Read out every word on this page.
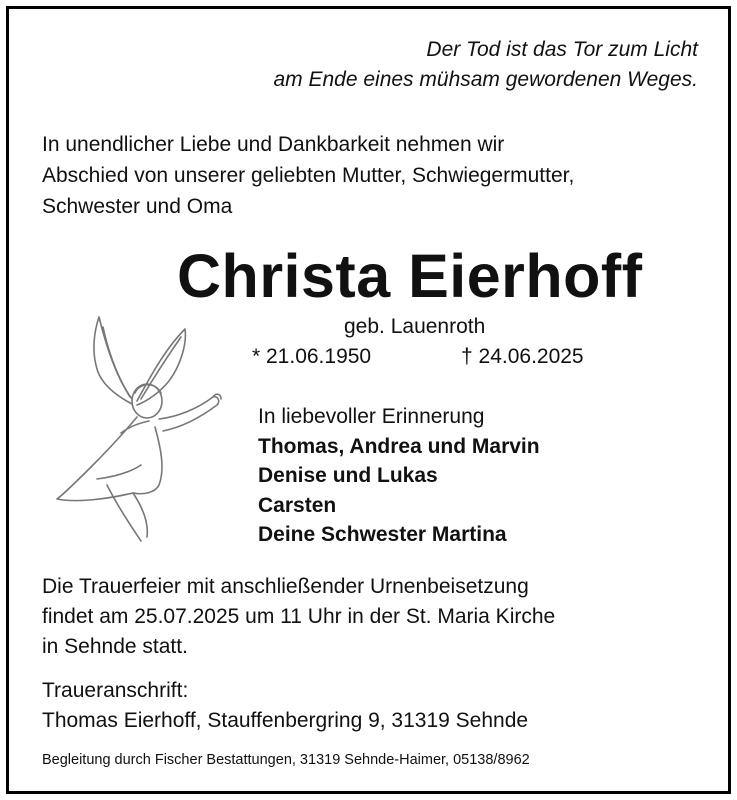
Der Tod ist das Tor zum Licht
am Ende eines mühsam gewordenen Weges.
In unendlicher Liebe und Dankbarkeit nehmen wir
Abschied von unserer geliebten Mutter, Schwiegermutter,
Schwester und Oma
Christa Eierhoff
geb. Lauenroth
* 21.06.1950	† 24.06.2025
In liebevoller Erinnerung
Thomas, Andrea und Marvin
Denise und Lukas
Carsten
Deine Schwester Martina
Die Trauerfeier mit anschließender Urnenbeisetzung
findet am 25.07.2025 um 11 Uhr in der St. Maria Kirche
in Sehnde statt.
Traueranschrift:
Thomas Eierhoff, Stauffenbergring 9, 31319 Sehnde
Begleitung durch Fischer Bestattungen, 31319 Sehnde-Haimer, 05138/8962
